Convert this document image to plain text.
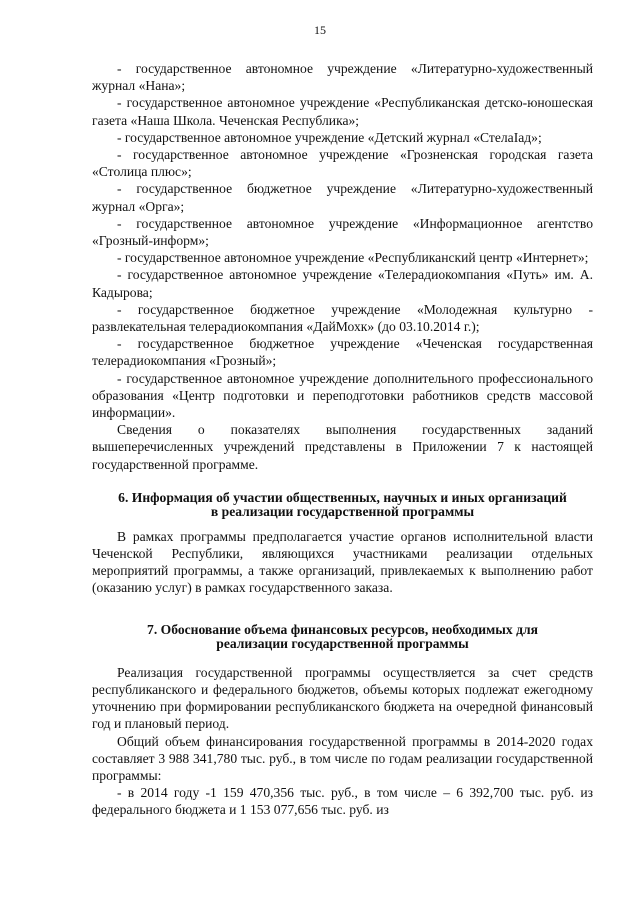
15

- государственное автономное учреждение «Литературно-художественный журнал «Нана»;

- государственное автономное учреждение «Республиканская детско-юношеская газета «Наша Школа. Чеченская Республика»;

- государственное автономное учреждение «Детский журнал «СтелаIад»;

- государственное автономное учреждение «Грозненская городская газета «Столица плюс»;

- государственное бюджетное учреждение «Литературно-художественный журнал «Орга»;

- государственное автономное учреждение «Информационное агентство «Грозный-информ»;

- государственное автономное учреждение «Республиканский центр «Интернет»;

- государственное автономное учреждение «Телерадиокомпания «Путь» им. А. Кадырова;

- государственное бюджетное учреждение «Молодежная культурно - развлекательная телерадиокомпания «ДайМохк» (до 03.10.2014 г.);

- государственное бюджетное учреждение «Чеченская государственная телерадиокомпания «Грозный»;

- государственное автономное учреждение дополнительного профессионального образования «Центр подготовки и переподготовки работников средств массовой информации».

Сведения о показателях выполнения государственных заданий вышеперечисленных учреждений представлены в Приложении 7 к настоящей государственной программе.

6. Информация об участии общественных, научных и иных организаций
в реализации государственной программы

В рамках программы предполагается участие органов исполнительной власти Чеченской Республики, являющихся участниками реализации отдельных мероприятий программы, а также организаций, привлекаемых к выполнению работ (оказанию услуг) в рамках государственного заказа.

7. Обоснование объема финансовых ресурсов, необходимых для
реализации государственной программы

Реализация государственной программы осуществляется за счет средств республиканского и федерального бюджетов, объемы которых подлежат ежегодному уточнению при формировании республиканского бюджета на очередной финансовый год и плановый период.

Общий объем финансирования государственной программы в 2014-2020 годах составляет 3 988 341,780 тыс. руб., в том числе по годам реализации государственной программы:

- в 2014 году -1 159 470,356 тыс. руб., в том числе – 6 392,700 тыс. руб. из федерального бюджета и 1 153 077,656 тыс. руб. из
